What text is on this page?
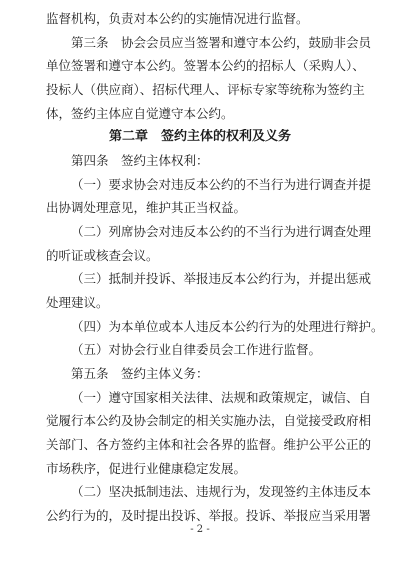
监督机构，负责对本公约的实施情况进行监督。
第三条　协会会员应当签署和遵守本公约，鼓励非会员
单位签署和遵守本公约。签署本公约的招标人（采购人）、
投标人（供应商）、招标代理人、评标专家等统称为签约主
体，签约主体应自觉遵守本公约。
第二章　签约主体的权利及义务
第四条　签约主体权利：
（一）要求协会对违反本公约的不当行为进行调查并提
出协调处理意见，维护其正当权益。
（二）列席协会对违反本公约的不当行为进行调查处理
的听证或核查会议。
（三）抵制并投诉、举报违反本公约行为，并提出惩戒
处理建议。
（四）为本单位或本人违反本公约行为的处理进行辩护。
（五）对协会行业自律委员会工作进行监督。
第五条　签约主体义务：
（一）遵守国家相关法律、法规和政策规定，诚信、自
觉履行本公约及协会制定的相关实施办法，自觉接受政府相
关部门、各方签约主体和社会各界的监督。维护公平公正的
市场秩序，促进行业健康稳定发展。
（二）坚决抵制违法、违规行为，发现签约主体违反本
公约行为的，及时提出投诉、举报。投诉、举报应当采用署
- 2 -
